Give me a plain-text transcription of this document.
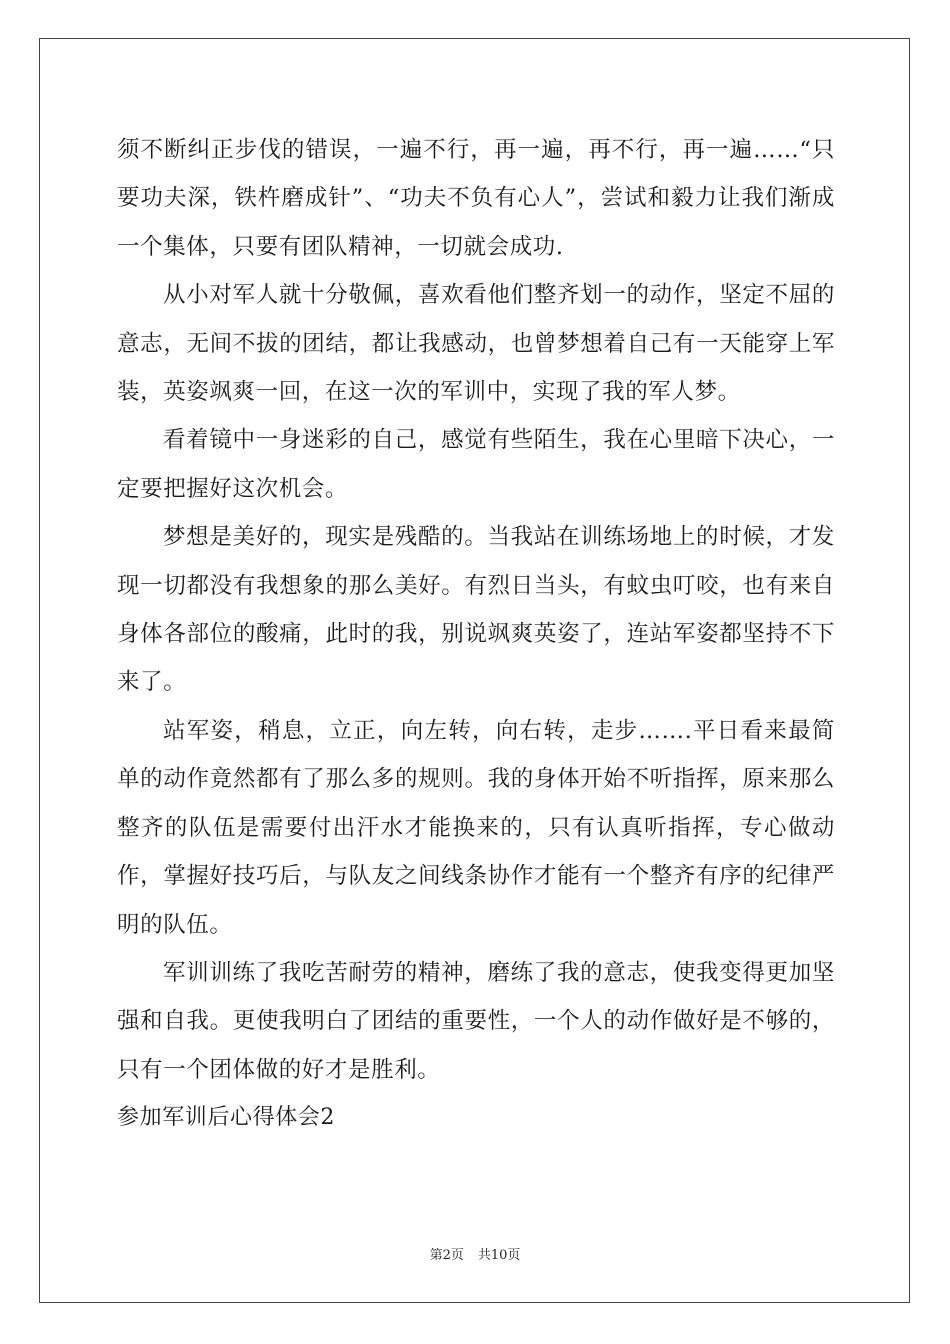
须不断纠正步伐的错误，一遍不行，再一遍，再不行，再一遍……“只要功夫深，铁杵磨成针”、“功夫不负有心人”，尝试和毅力让我们渐成一个集体，只要有团队精神，一切就会成功.

从小对军人就十分敬佩，喜欢看他们整齐划一的动作，坚定不屈的意志，无间不拔的团结，都让我感动，也曾梦想着自己有一天能穿上军装，英姿飒爽一回，在这一次的军训中，实现了我的军人梦。

看着镜中一身迷彩的自己，感觉有些陌生，我在心里暗下决心，一定要把握好这次机会。

梦想是美好的，现实是残酷的。当我站在训练场地上的时候，才发现一切都没有我想象的那么美好。有烈日当头，有蚊虫叮咬，也有来自身体各部位的酸痛，此时的我，别说飒爽英姿了，连站军姿都坚持不下来了。

站军姿，稍息，立正，向左转，向右转，走步…….平日看来最简单的动作竟然都有了那么多的规则。我的身体开始不听指挥，原来那么整齐的队伍是需要付出汗水才能换来的，只有认真听指挥，专心做动作，掌握好技巧后，与队友之间线条协作才能有一个整齐有序的纪律严明的队伍。

军训训练了我吃苦耐劳的精神，磨练了我的意志，使我变得更加坚强和自我。更使我明白了团结的重要性，一个人的动作做好是不够的，只有一个团体做的好才是胜利。

参加军训后心得体会2

第2页 共10页
